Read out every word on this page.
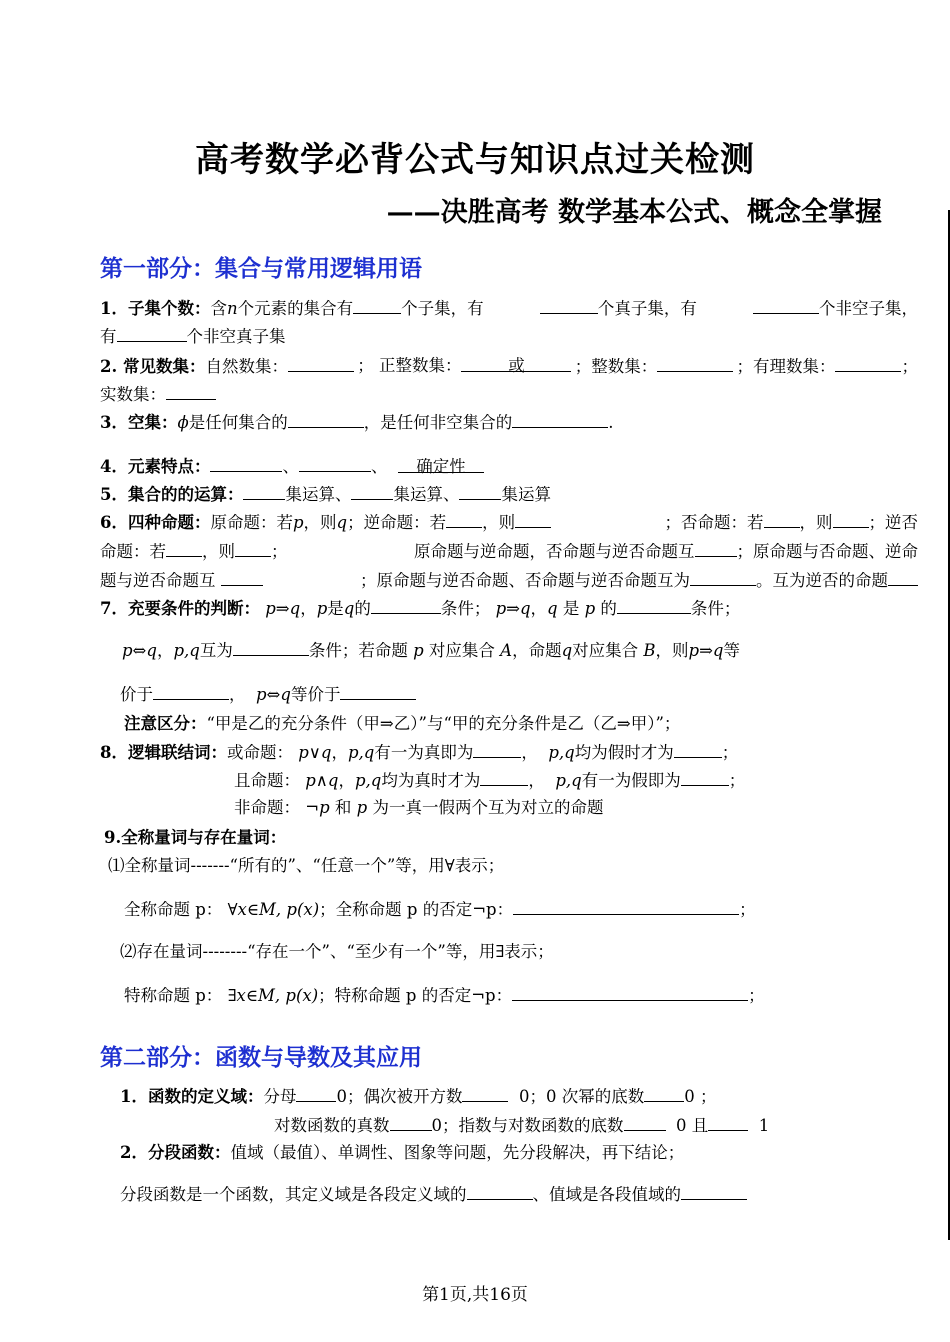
高考数学必背公式与知识点过关检测
——决胜高考 数学基本公式、概念全掌握
第一部分：集合与常用逻辑用语
1．子集个数：含n个元素的集合有	个子集，有	个真子集，有	个非空子集，
有	个非空真子集
2. 常见数集：自然数集：	； 正整数集：	或	；整数集：	；有理数集：	；
实数集：
3．空集：ϕ是任何集合的	，是任何非空集合的	.
4．元素特点：	、	、 确定性
5．集合的的运算：	集运算、	集运算、	集运算
6．四种命题：原命题：若p，则q；逆命题：若 ，则	；否命题：若 ，则 ；逆否
命题：若 ，则 ；	原命题与逆命题，否命题与逆否命题互	；原命题与否命题、逆命
题与逆否命题互	；原命题与逆否命题、否命题与逆否命题互为	。互为逆否的命题
7．充要条件的判断： p⇒q，p是q的	条件； p⇒q，q 是 p 的	条件；
p⇔q，p,q互为	条件；若命题 p 对应集合 A，命题q对应集合 B，则p⇒q等
价于	， p⇔q等价于
注意区分：“甲是乙的充分条件（甲⇒乙）”与“甲的充分条件是乙（乙⇒甲）”；
8．逻辑联结词：或命题： p∨q，p,q有一为真即为	， p,q均为假时才为	；
且命题： p∧q，p,q均为真时才为	， p,q有一为假即为	；
非命题： ¬p 和 p 为一真一假两个互为对立的命题
9.全称量词与存在量词：
⑴全称量词-------“所有的”、“任意一个”等，用∀表示；
全称命题 p： ∀x∈M, p(x)；全称命题 p 的否定¬p：	；
⑵存在量词--------“存在一个”、“至少有一个”等，用∃表示；
特称命题 p： ∃x∈M, p(x)；特称命题 p 的否定¬p：	；
第二部分：函数与导数及其应用
1．函数的定义域：分母 0；偶次被开方数	0；0 次幂的底数 0 ；
对数函数的真数	0；指数与对数函数的底数	0 且	1
2．分段函数：值域（最值）、单调性、图象等问题，先分段解决，再下结论；
分段函数是一个函数，其定义域是各段定义域的	、值域是各段值域的
第1页,共16页
